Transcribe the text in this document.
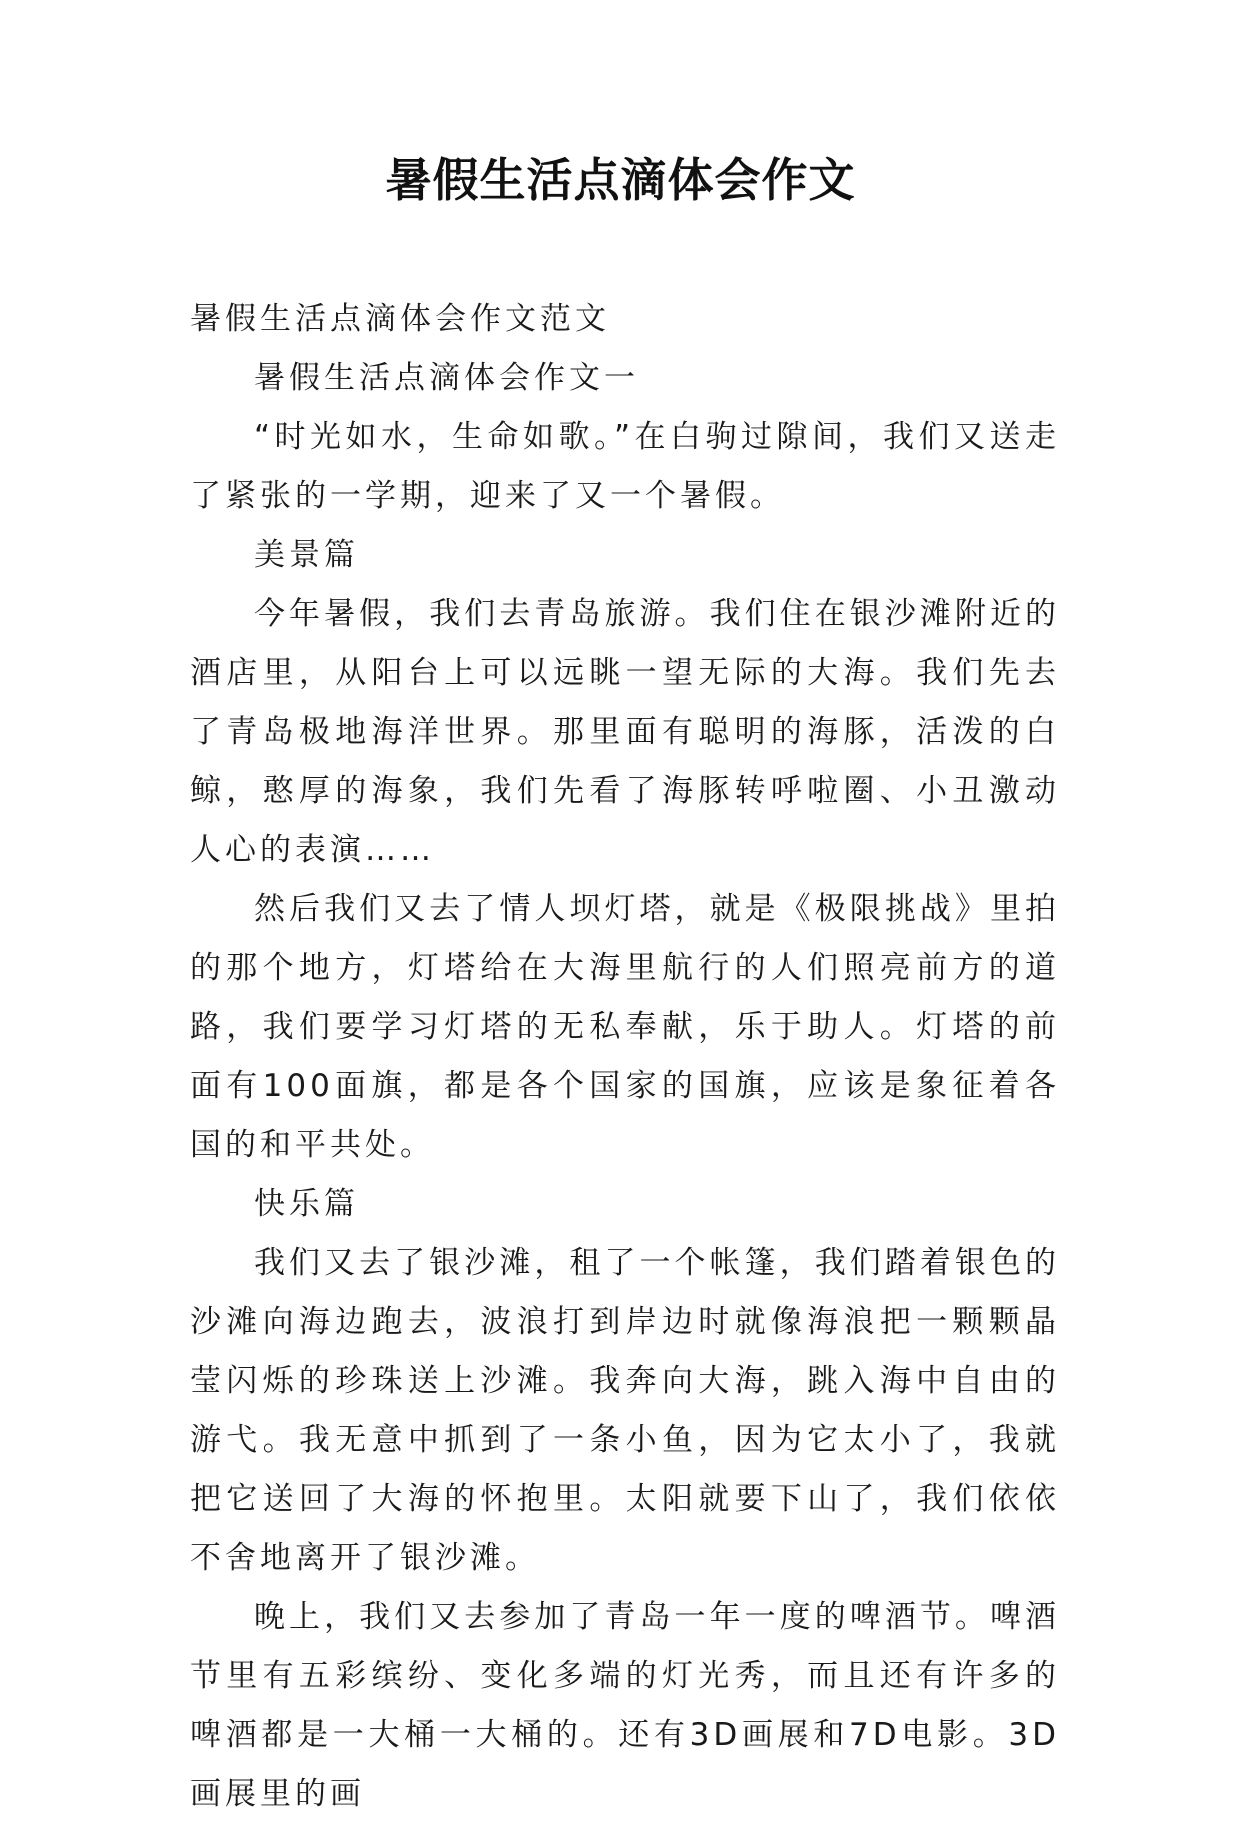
暑假生活点滴体会作文

暑假生活点滴体会作文范文

暑假生活点滴体会作文一

“时光如水，生命如歌。”在白驹过隙间，我们又送走了紧张的一学期，迎来了又一个暑假。

美景篇

今年暑假，我们去青岛旅游。我们住在银沙滩附近的酒店里，从阳台上可以远眺一望无际的大海。我们先去了青岛极地海洋世界。那里面有聪明的海豚，活泼的白鲸，憨厚的海象，我们先看了海豚转呼啦圈、小丑激动人心的表演……

然后我们又去了情人坝灯塔，就是《极限挑战》里拍的那个地方，灯塔给在大海里航行的人们照亮前方的道路，我们要学习灯塔的无私奉献，乐于助人。灯塔的前面有100面旗，都是各个国家的国旗，应该是象征着各国的和平共处。

快乐篇

我们又去了银沙滩，租了一个帐篷，我们踏着银色的沙滩向海边跑去，波浪打到岸边时就像海浪把一颗颗晶莹闪烁的珍珠送上沙滩。我奔向大海，跳入海中自由的游弋。我无意中抓到了一条小鱼，因为它太小了，我就把它送回了大海的怀抱里。太阳就要下山了，我们依依不舍地离开了银沙滩。

晚上，我们又去参加了青岛一年一度的啤酒节。啤酒节里有五彩缤纷、变化多端的灯光秀，而且还有许多的啤酒都是一大桶一大桶的。还有3D画展和7D电影。3D画展里的画
